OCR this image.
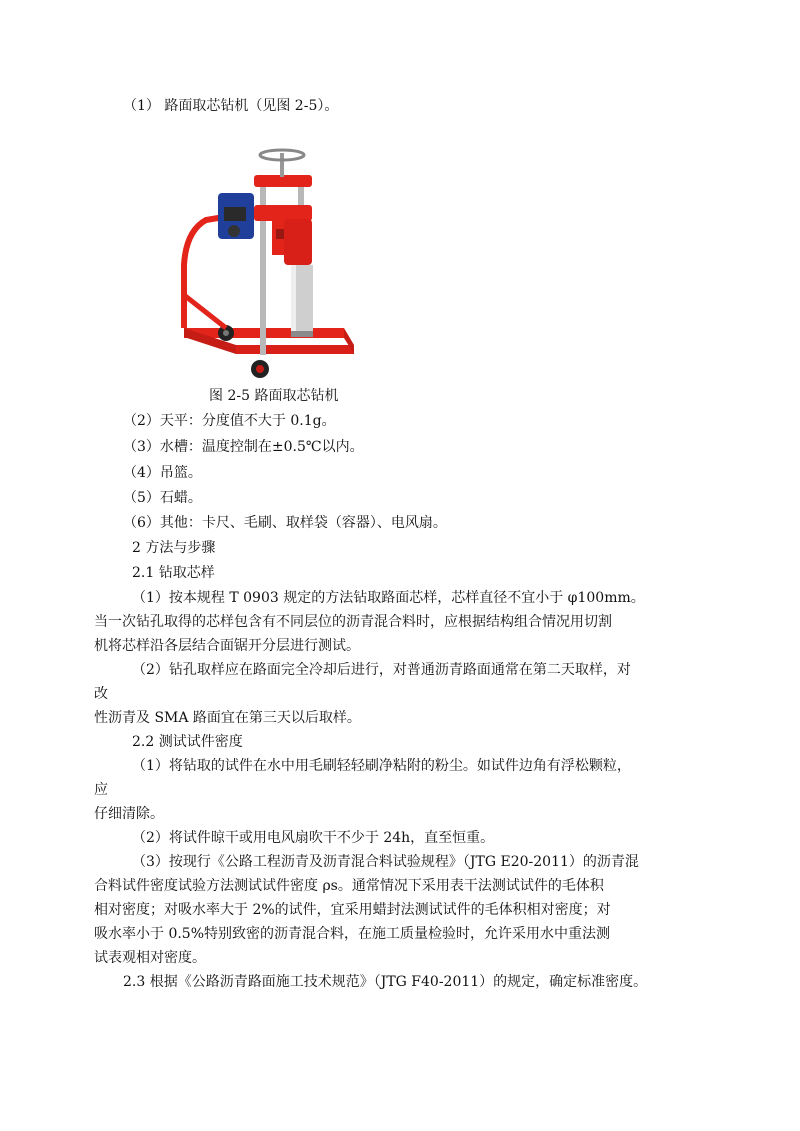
（1） 路面取芯钻机（见图 2-5）。
图 2-5 路面取芯钻机
（2）天平：分度值不大于 0.1g。
（3）水槽：温度控制在±0.5℃以内。
（4）吊篮。
（5）石蜡。
（6）其他：卡尺、毛刷、取样袋（容器）、电风扇。
2 方法与步骤
2.1 钻取芯样
（1）按本规程 T 0903 规定的方法钻取路面芯样，芯样直径不宜小于 φ100mm。
当一次钻孔取得的芯样包含有不同层位的沥青混合料时，应根据结构组合情况用切割
机将芯样沿各层结合面锯开分层进行测试。
（2）钻孔取样应在路面完全冷却后进行，对普通沥青路面通常在第二天取样，对
改
性沥青及 SMA 路面宜在第三天以后取样。
2.2 测试试件密度
（1）将钻取的试件在水中用毛刷轻轻刷净粘附的粉尘。如试件边角有浮松颗粒，
应
仔细清除。
（2）将试件晾干或用电风扇吹干不少于 24h，直至恒重。
（3）按现行《公路工程沥青及沥青混合料试验规程》（JTG E20-2011）的沥青混
合料试件密度试验方法测试试件密度 ρs。通常情况下采用表干法测试试件的毛体积
相对密度；对吸水率大于 2%的试件，宜采用蜡封法测试试件的毛体积相对密度；对
吸水率小于 0.5%特别致密的沥青混合料，在施工质量检验时，允许采用水中重法测
试表观相对密度。
2.3 根据《公路沥青路面施工技术规范》（JTG F40-2011）的规定，确定标准密度。
